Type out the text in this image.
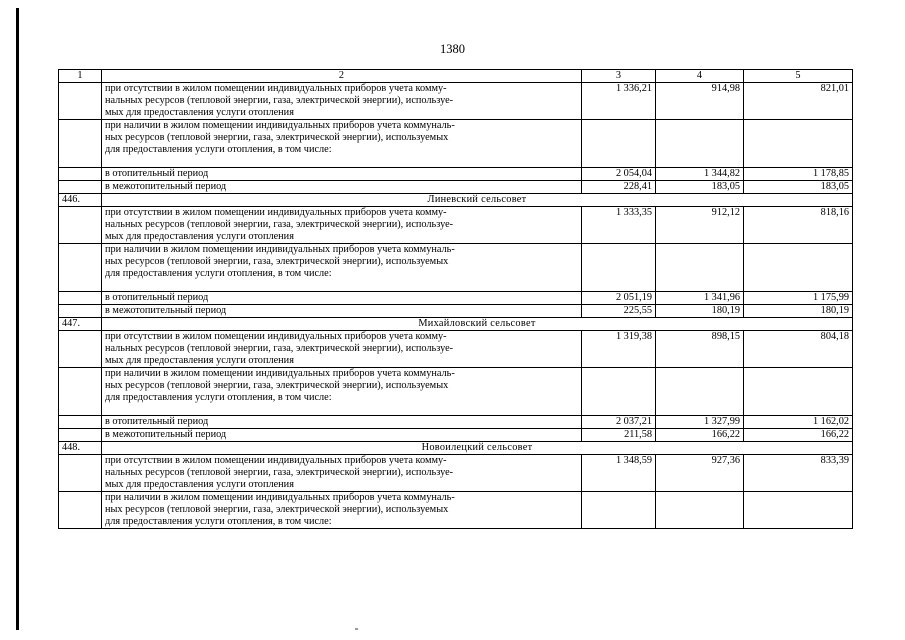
1380
1	2	3	4	5

	при отсутствии в жилом помещении индивидуальных приборов учета комму-
нальных ресурсов (тепловой энергии, газа, электрической энергии), используе-
мых для предоставления услуги отопления	1 336,21	914,98	821,01

	при наличии в жилом помещении индивидуальных приборов учета коммуналь-
ных ресурсов (тепловой энергии, газа, электрической энергии), используемых
для предоставления услуги отопления, в том числе:			

	в отопительный период	2 054,04	1 344,82	1 178,85
	в межотопительный период	228,41	183,05	183,05
446.	Линевский сельсовет			

	при отсутствии в жилом помещении индивидуальных приборов учета комму-
нальных ресурсов (тепловой энергии, газа, электрической энергии), используе-
мых для предоставления услуги отопления	1 333,35	912,12	818,16

	при наличии в жилом помещении индивидуальных приборов учета коммуналь-
ных ресурсов (тепловой энергии, газа, электрической энергии), используемых
для предоставления услуги отопления, в том числе:			

	в отопительный период	2 051,19	1 341,96	1 175,99
	в межотопительный период	225,55	180,19	180,19
447.	Михайловский сельсовет			

	при отсутствии в жилом помещении индивидуальных приборов учета комму-
нальных ресурсов (тепловой энергии, газа, электрической энергии), используе-
мых для предоставления услуги отопления	1 319,38	898,15	804,18

	при наличии в жилом помещении индивидуальных приборов учета коммуналь-
ных ресурсов (тепловой энергии, газа, электрической энергии), используемых
для предоставления услуги отопления, в том числе:			

	в отопительный период	2 037,21	1 327,99	1 162,02
	в межотопительный период	211,58	166,22	166,22
448.	Новоилецкий сельсовет			

	при отсутствии в жилом помещении индивидуальных приборов учета комму-
нальных ресурсов (тепловой энергии, газа, электрической энергии), используе-
мых для предоставления услуги отопления	1 348,59	927,36	833,39

	при наличии в жилом помещении индивидуальных приборов учета коммуналь-
ных ресурсов (тепловой энергии, газа, электрической энергии), используемых
для предоставления услуги отопления, в том числе:			
